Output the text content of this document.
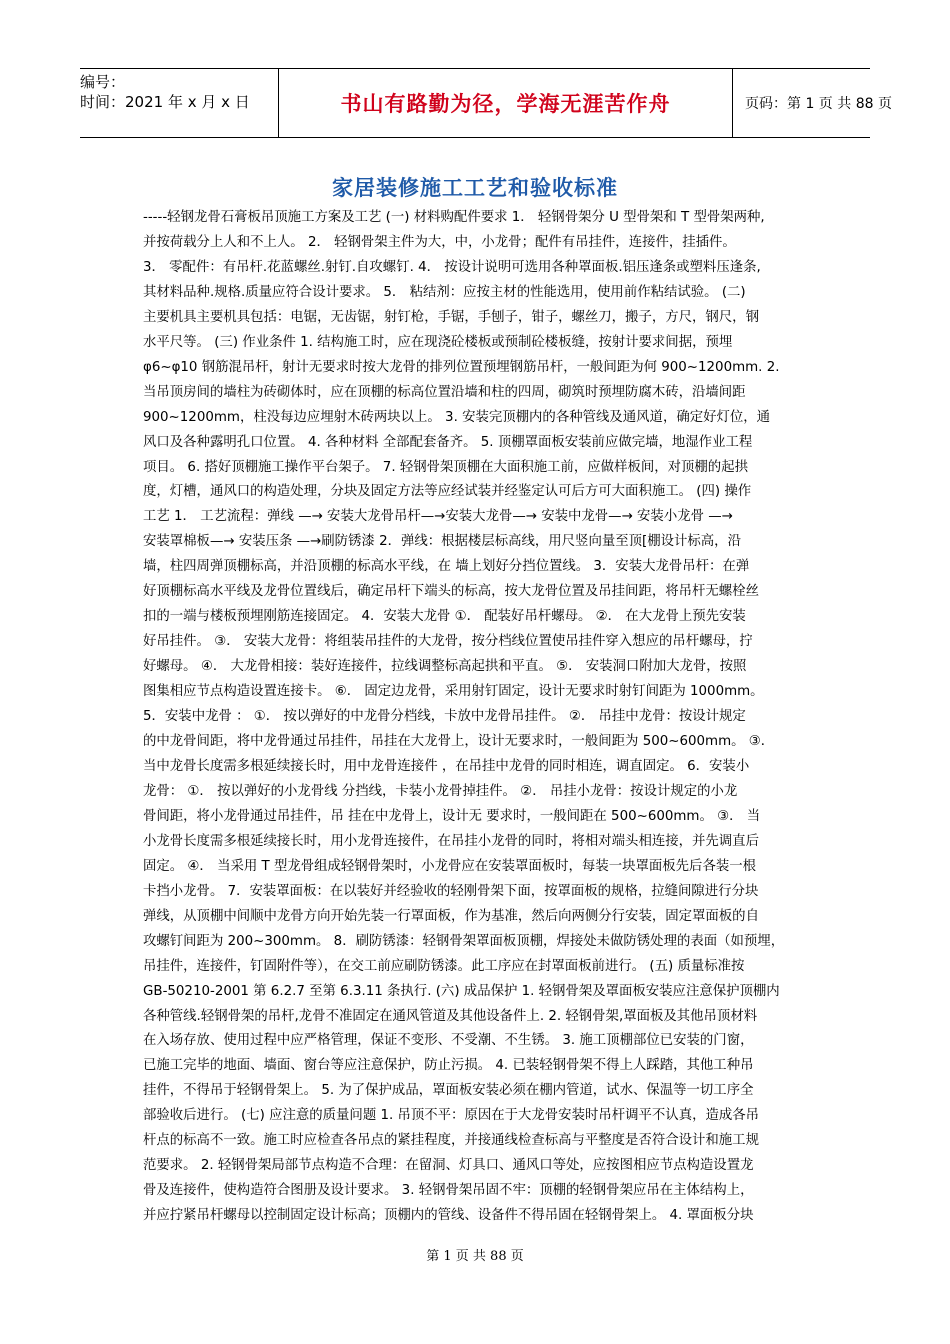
编号：
时间：2021 年 x 月 x 日	书山有路勤为径，学海无涯苦作舟	页码：第 1 页 共 88 页
家居装修施工工艺和验收标准
-----轻钢龙骨石膏板吊顶施工方案及工艺 (一) 材料购配件要求 1． 轻钢骨架分 U 型骨架和 T 型骨架两种,
并按荷载分上人和不上人。 2． 轻钢骨架主件为大，中，小龙骨；配件有吊挂件，连接件，挂插件。
3． 零配件：有吊杆.花蓝螺丝.射钉.自攻螺钉. 4． 按设计说明可选用各种罩面板.铝压逢条或塑料压逢条,
其材料品种.规格.质量应符合设计要求。 5． 粘结剂：应按主材的性能选用，使用前作粘结试验。 (二)
主要机具主要机具包括：电锯，无齿锯，射钉枪，手锯，手刨子，钳子，螺丝刀，搬子，方尺，钢尺，钢
水平尺等。 (三) 作业条件 1. 结构施工时，应在现浇砼楼板或预制砼楼板缝，按射计要求间据，预埋
φ6~φ10 钢筋混吊杆，射计无要求时按大龙骨的排列位置预埋钢筋吊杆，一般间距为何 900~1200mm. 2.
当吊顶房间的墙柱为砖砌体时，应在顶棚的标高位置沿墙和柱的四周，砌筑时预埋防腐木砖，沿墙间距
900~1200mm，柱没每边应埋射木砖两块以上。 3. 安装完顶棚内的各种管线及通风道，确定好灯位，通
风口及各种露明孔口位置。 4. 各种材料 全部配套备齐。 5. 顶棚罩面板安装前应做完墙，地湿作业工程
项目。 6. 搭好顶棚施工操作平台架子。 7. 轻钢骨架顶棚在大面积施工前，应做样板间，对顶棚的起拱
度，灯槽，通风口的构造处理，分块及固定方法等应经试装并经鉴定认可后方可大面积施工。 (四) 操作
工艺 1． 工艺流程：弹线 —→ 安装大龙骨吊杆—→安装大龙骨—→ 安装中龙骨—→ 安装小龙骨 —→
安装罩棉板—→ 安装压条 —→刷防锈漆 2．弹线：根据楼层标高线，用尺竖向量至顶[棚设计标高，沿
墙，柱四周弹顶棚标高，并沿顶棚的标高水平线，在 墙上划好分挡位置线。 3．安装大龙骨吊杆：在弹
好顶棚标高水平线及龙骨位置线后，确定吊杆下端头的标高，按大龙骨位置及吊挂间距，将吊杆无螺栓丝
扣的一端与楼板预埋刚筋连接固定。 4．安装大龙骨 ①． 配装好吊杆螺母。 ②． 在大龙骨上预先安装
好吊挂件。 ③． 安装大龙骨：将组装吊挂件的大龙骨，按分档线位置使吊挂件穿入想应的吊杆螺母，拧
好螺母。 ④． 大龙骨相接：装好连接件，拉线调整标高起拱和平直。 ⑤． 安装洞口附加大龙骨，按照
图集相应节点构造设置连接卡。 ⑥． 固定边龙骨，采用射钉固定，设计无要求时射钉间距为 1000mm。
5．安装中龙骨 ： ①． 按以弹好的中龙骨分档线，卡放中龙骨吊挂件。 ②． 吊挂中龙骨：按设计规定
的中龙骨间距，将中龙骨通过吊挂件，吊挂在大龙骨上，设计无要求时，一般间距为 500~600mm。 ③．
当中龙骨长度需多根延续接长时，用中龙骨连接件 ，在吊挂中龙骨的同时相连，调直固定。 6．安装小
龙骨： ①． 按以弹好的小龙骨线 分挡线，卡装小龙骨掉挂件。 ②． 吊挂小龙骨：按设计规定的小龙
骨间距，将小龙骨通过吊挂件，吊 挂在中龙骨上，设计无 要求时，一般间距在 500~600mm。 ③． 当
小龙骨长度需多根延续接长时，用小龙骨连接件，在吊挂小龙骨的同时，将相对端头相连接，并先调直后
固定。 ④． 当采用 T 型龙骨组成轻钢骨架时，小龙骨应在安装罩面板时，每装一块罩面板先后各装一根
卡挡小龙骨。 7．安装罩面板：在以装好并经验收的轻刚骨架下面，按罩面板的规格，拉缝间隙进行分块
弹线，从顶棚中间顺中龙骨方向开始先装一行罩面板，作为基准，然后向两侧分行安装，固定罩面板的自
攻螺钉间距为 200~300mm。 8．刷防锈漆：轻钢骨架罩面板顶棚，焊接处未做防锈处理的表面（如预埋，
吊挂件，连接件，钉固附件等），在交工前应刷防锈漆。此工序应在封罩面板前进行。 (五) 质量标准按
GB-50210-2001 第 6.2.7 至第 6.3.11 条执行. (六) 成品保护 1. 轻钢骨架及罩面板安装应注意保护顶棚内
各种管线.轻钢骨架的吊杆,龙骨不准固定在通风管道及其他设备件上. 2. 轻钢骨架,罩面板及其他吊顶材料
在入场存放、使用过程中应严格管理，保证不变形、不受潮、不生锈。 3. 施工顶棚部位已安装的门窗，
已施工完毕的地面、墙面、窗台等应注意保护，防止污损。 4. 已装轻钢骨架不得上人踩踏，其他工种吊
挂件，不得吊于轻钢骨架上。 5. 为了保护成品，罩面板安装必须在棚内管道，试水、保温等一切工序全
部验收后进行。 (七) 应注意的质量问题 1. 吊顶不平：原因在于大龙骨安装时吊杆调平不认真，造成各吊
杆点的标高不一致。施工时应检查各吊点的紧挂程度，并接通线检查标高与平整度是否符合设计和施工规
范要求。 2. 轻钢骨架局部节点构造不合理：在留洞、灯具口、通风口等处，应按图相应节点构造设置龙
骨及连接件，使构造符合图册及设计要求。 3. 轻钢骨架吊固不牢：顶棚的轻钢骨架应吊在主体结构上，
并应拧紧吊杆螺母以控制固定设计标高；顶棚内的管线、设备件不得吊固在轻钢骨架上。 4. 罩面板分块
第 1 页 共 88 页
